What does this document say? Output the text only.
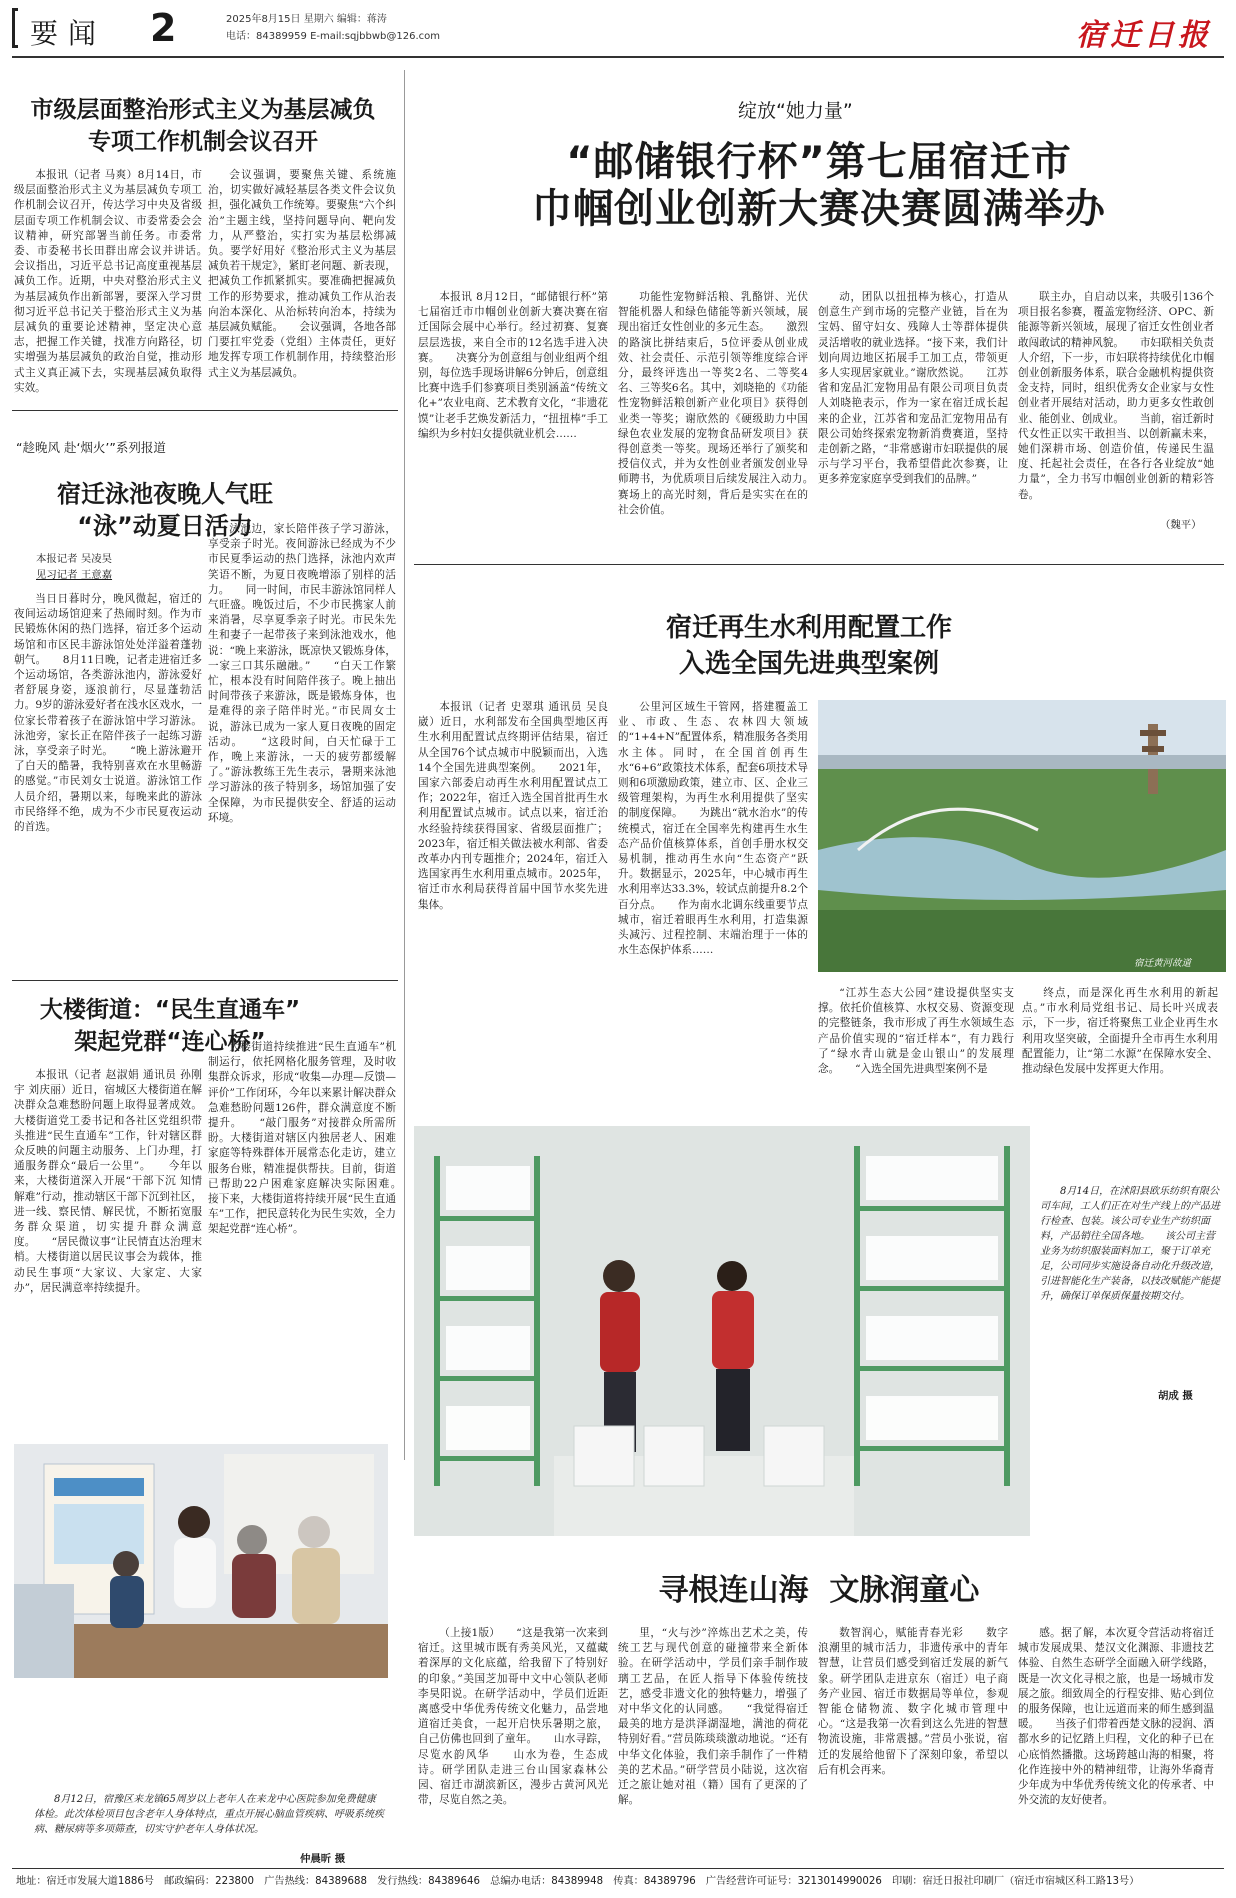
要闻 2	2025年8月15日 星期六 编辑：蒋涛
电话：84389959 E-mail:sqjbbwb@126.com	宿迁日报
市级层面整治形式主义为基层减负
专项工作机制会议召开
本报讯（记者 马爽）8月14日，市级层面整治形式主义为基层减负专项工作机制会议召开，传达学习中央及省级层面专项工作机制会议、市委常委会会议精神，研究部署当前任务。市委常委、市委秘书长田群出席会议并讲话。　　会议指出，习近平总书记高度重视基层减负工作。近期，中央对整治形式主义为基层减负作出新部署，要深入学习贯彻习近平总书记关于整治形式主义为基层减负的重要论述精神，坚定决心意志，把握工作关键，找准方向路径，切实增强为基层减负的政治自觉，推动形式主义真正减下去，实现基层减负取得实效。
会议强调，要聚焦关键、系统施治，切实做好减轻基层各类文件会议负担，强化减负工作统筹。要聚焦“六个纠治”主题主线，坚持问题导向、靶向发力，从严整治，实打实为基层松绑减负。要学好用好《整治形式主义为基层减负若干规定》，紧盯老问题、新表现，把减负工作抓紧抓实。要准确把握减负工作的形势要求，推动减负工作从治表向治本深化、从治标转向治本，持续为基层减负赋能。　　会议强调，各地各部门要扛牢党委（党组）主体责任，更好地发挥专项工作机制作用，持续整治形式主义为基层减负。
“趁晚风 赴‘烟火’”系列报道
宿迁泳池夜晚人气旺
“泳”动夏日活力
本报记者 吴凌昊
见习记者 王意嘉
当日日暮时分，晚风微起，宿迁的夜间运动场馆迎来了热闹时刻。作为市民锻炼休闲的热门选择，宿迁多个运动场馆和市区民丰游泳馆处处洋溢着蓬勃朝气。　　8月11日晚，记者走进宿迁多个运动场馆，各类游泳池内，游泳爱好者舒展身姿，逐浪前行，尽显蓬勃活力。9岁的游泳爱好者在浅水区戏水，一位家长带着孩子在游泳馆中学习游泳。泳池旁，家长正在陪伴孩子一起练习游泳，享受亲子时光。　　“晚上游泳避开了白天的酷暑，我特别喜欢在水里畅游的感觉。”市民刘女士说道。游泳馆工作人员介绍，暑期以来，每晚来此的游泳市民络绎不绝，成为不少市民夏夜运动的首选。
泳池边，家长陪伴孩子学习游泳，享受亲子时光。夜间游泳已经成为不少市民夏季运动的热门选择，泳池内欢声笑语不断，为夏日夜晚增添了别样的活力。　　同一时间，市民丰游泳馆同样人气旺盛。晚饭过后，不少市民携家人前来消暑，尽享夏季亲子时光。市民朱先生和妻子一起带孩子来到泳池戏水，他说：“晚上来游泳，既凉快又锻炼身体，一家三口其乐融融。”　　“白天工作繁忙，根本没有时间陪伴孩子。晚上抽出时间带孩子来游泳，既是锻炼身体，也是难得的亲子陪伴时光。”市民周女士说，游泳已成为一家人夏日夜晚的固定活动。　　“这段时间，白天忙碌于工作，晚上来游泳，一天的疲劳都缓解了。”游泳教练王先生表示，暑期来泳池学习游泳的孩子特别多，场馆加强了安全保障，为市民提供安全、舒适的运动环境。
大楼街道：“民生直通车”
架起党群“连心桥”
本报讯（记者 赵淑娟 通讯员 孙刚宇 刘庆丽）近日，宿城区大楼街道在解决群众急难愁盼问题上取得显著成效。大楼街道党工委书记和各社区党组织带头推进“民生直通车”工作，针对辖区群众反映的问题主动服务、上门办理，打通服务群众“最后一公里”。　　今年以来，大楼街道深入开展“干部下沉 知情解难”行动，推动辖区干部下沉到社区，进一线、察民情、解民忧，不断拓宽服务群众渠道，切实提升群众满意度。　　“居民微议事”让民情直达治理末梢。大楼街道以居民议事会为载体，推动民生事项“大家议、大家定、大家办”，居民满意率持续提升。
大楼街道持续推进“民生直通车”机制运行，依托网格化服务管理，及时收集群众诉求，形成“收集—办理—反馈—评价”工作闭环，今年以来累计解决群众急难愁盼问题126件，群众满意度不断提升。　　“敲门服务”对接群众所需所盼。大楼街道对辖区内独居老人、困难家庭等特殊群体开展常态化走访，建立服务台账，精准提供帮扶。目前，街道已帮助22户困难家庭解决实际困难。　　接下来，大楼街道将持续开展“民生直通车”工作，把民意转化为民生实效，全力架起党群“连心桥”。
8月12日，宿豫区来龙镇65周岁以上老年人在来龙中心医院参加免费健康体检。此次体检项目包含老年人身体特点，重点开展心脑血管疾病、呼吸系统疾病、糖尿病等多项筛查，切实守护老年人身体状况。
仲晨昕 摄
绽放“她力量”
“邮储银行杯”第七届宿迁市
巾帼创业创新大赛决赛圆满举办
本报讯 8月12日，“邮储银行杯”第七届宿迁市巾帼创业创新大赛决赛在宿迁国际会展中心举行。经过初赛、复赛层层选拔，来自全市的12名选手进入决赛。　　决赛分为创意组与创业组两个组别，每位选手现场讲解6分钟后，创意组比赛中选手们参赛项目类别涵盖“传统文化+”农业电商、艺术教育文化，“非遗花馍”让老手艺焕发新活力，“扭扭棒”手工编织为乡村妇女提供就业机会……
功能性宠物鲜活粮、乳酪饼、光伏智能机器人和绿色储能等新兴领域，展现出宿迁女性创业的多元生态。　　激烈的路演比拼结束后，5位评委从创业成效、社会责任、示范引领等维度综合评分，最终评选出一等奖2名、二等奖4名、三等奖6名。其中，刘晓艳的《功能性宠物鲜活粮创新产业化项目》获得创业类一等奖；谢欣然的《硬级助力中国绿色农业发展的宠物食品研发项目》获得创意类一等奖。现场还举行了颁奖和授信仪式，并为女性创业者颁发创业导师聘书，为优质项目后续发展注入动力。　　赛场上的高光时刻，背后是实实在在的社会价值。
动，团队以扭扭棒为核心，打造从创意生产到市场的完整产业链，旨在为宝妈、留守妇女、残障人士等群体提供灵活增收的就业选择。“接下来，我们计划向周边地区拓展手工加工点，带领更多人实现居家就业。”谢欣然说。　　江苏省和宠品汇宠物用品有限公司项目负责人刘晓艳表示，作为一家在宿迁成长起来的企业，江苏省和宠品汇宠物用品有限公司始终探索宠物新消费赛道，坚持走创新之路，“非常感谢市妇联提供的展示与学习平台，我希望借此次参赛，让更多养宠家庭享受到我们的品牌。”
联主办，自启动以来，共吸引136个项目报名参赛，覆盖宠物经济、OPC、新能源等新兴领域，展现了宿迁女性创业者敢闯敢试的精神风貌。　　市妇联相关负责人介绍，下一步，市妇联将持续优化巾帼创业创新服务体系，联合金融机构提供资金支持，同时，组织优秀女企业家与女性创业者开展结对活动，助力更多女性敢创业、能创业、创成业。　　当前，宿迁新时代女性正以实干敢担当、以创新赢未来，她们深耕市场、创造价值，传递民生温度、托起社会责任，在各行各业绽放“她力量”，全力书写巾帼创业创新的精彩答卷。
（魏平）
宿迁再生水利用配置工作
入选全国先进典型案例
本报讯（记者 史翠琪 通讯员 吴良崴）近日，水利部发布全国典型地区再生水利用配置试点终期评估结果，宿迁从全国76个试点城市中脱颖而出，入选14个全国先进典型案例。　　2021年，国家六部委启动再生水利用配置试点工作；2022年，宿迁入选全国首批再生水利用配置试点城市。试点以来，宿迁治水经验持续获得国家、省级层面推广；2023年，宿迁相关做法被水利部、省委改革办内刊专题推介；2024年，宿迁入选国家再生水利用重点城市。2025年，宿迁市水利局获得首届中国节水奖先进集体。
公里河区域生干管网，搭建覆盖工业、市政、生态、农林四大领域的“1+4+N”配置体系，精准服务各类用水主体。同时，在全国首创再生水“6+6”政策技术体系，配套6项技术导则和6项激励政策，建立市、区、企业三级管理架构，为再生水利用提供了坚实的制度保障。　　为跳出“就水治水”的传统模式，宿迁在全国率先构建再生水生态产品价值核算体系，首创手册水权交易机制，推动再生水向“生态资产”跃升。数据显示，2025年，中心城市再生水利用率达33.3%，较试点前提升8.2个百分点。　　作为南水北调东线重要节点城市，宿迁着眼再生水利用，打造集源头减污、过程控制、末端治理于一体的水生态保护体系……
宿迁黄河故道
“江苏生态大公园”建设提供坚实支撑。依托价值核算、水权交易、资源变现的完整链条，我市形成了再生水领域生态产品价值实现的“宿迁样本”，有力践行了“绿水青山就是金山银山”的发展理念。　　“入选全国先进典型案例不是
终点，而是深化再生水利用的新起点。”市水利局党组书记、局长叶兴成表示，下一步，宿迁将聚焦工业企业再生水利用攻坚突破，全面提升全市再生水利用配置能力，让“第二水源”在保障水安全、推动绿色发展中发挥更大作用。
8月14日，在沭阳县欧乐纺织有限公司车间，工人们正在对生产线上的产品进行检查、包装。该公司专业生产纺织面料，产品销往全国各地。　　该公司主营业务为纺织服装面料加工，聚于订单充足，公司同步实施设备自动化升级改造，引进智能化生产装备，以技改赋能产能提升，确保订单保质保量按期交付。
胡成 摄
寻根连山海  文脉润童心
（上接1版）　　“这是我第一次来到宿迁。这里城市既有秀美风光，又蕴藏着深厚的文化底蕴，给我留下了特别好的印象。”美国芝加哥中文中心领队老师李昊阳说。在研学活动中，学员们近距离感受中华优秀传统文化魅力，品尝地道宿迁美食，一起开启快乐暑期之旅，自己仿佛也回到了童年。　　山水寻踪，尽览水韵风华　　山水为卷，生态成诗。研学团队走进三台山国家森林公园、宿迁市湖滨新区，漫步古黄河风光带，尽览自然之美。
里，“火与沙”淬炼出艺术之美，传统工艺与现代创意的碰撞带来全新体验。在研学活动中，学员们亲手制作玻璃工艺品，在匠人指导下体验传统技艺，感受非遗文化的独特魅力，增强了对中华文化的认同感。　　“我觉得宿迁最美的地方是洪泽湖湿地，满池的荷花特别好看。”营员陈琰琰激动地说。“还有中华文化体验，我们亲手制作了一件精美的艺术品。”研学营员小陆说，这次宿迁之旅让她对祖（籍）国有了更深的了解。
数智润心，赋能青春光彩　　数字浪潮里的城市活力，非遗传承中的青年智慧，让营员们感受到宿迁发展的新气象。研学团队走进京东（宿迁）电子商务产业园、宿迁市数据局等单位，参观智能仓储物流、数字化城市管理中心。“这是我第一次看到这么先进的智慧物流设施，非常震撼。”营员小张说，宿迁的发展给他留下了深刻印象，希望以后有机会再来。
感。据了解，本次夏令营活动将宿迁城市发展成果、楚汉文化渊源、非遗技艺体验、自然生态研学全面融入研学线路，既是一次文化寻根之旅，也是一场城市发展之旅。细致周全的行程安排、贴心到位的服务保障，也让远道而来的师生感到温暖。　　当孩子们带着西楚文脉的浸润、酒都水乡的记忆踏上归程，文化的种子已在心底悄然播撒。这场跨越山海的相聚，将化作连接中外的精神纽带，让海外华裔青少年成为中华优秀传统文化的传承者、中外交流的友好使者。
地址：宿迁市发展大道1886号　邮政编码：223800　广告热线：84389688　发行热线：84389646　总编办电话：84389948　传真：84389796　广告经营许可证号：3213014990026　印刷：宿迁日报社印刷厂（宿迁市宿城区科工路13号）
